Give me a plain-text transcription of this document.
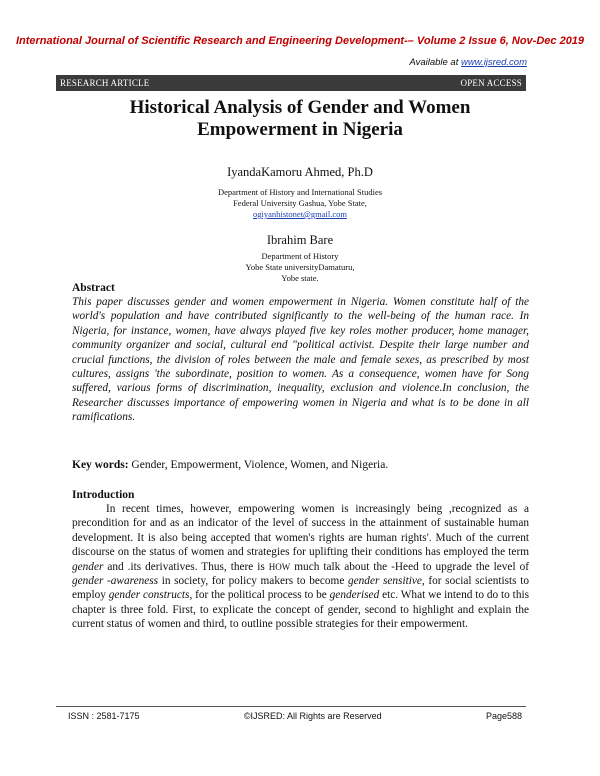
International Journal of Scientific Research and Engineering Development-– Volume 2 Issue 6, Nov-Dec 2019
Available at www.ijsred.com
RESEARCH ARTICLE	OPEN ACCESS
Historical Analysis of Gender and Women
Empowerment in Nigeria
IyandaKamoru Ahmed, Ph.D
Department of History and International Studies
Federal University Gashua, Yobe State,
ogiyanhistonet@gmail.com
Ibrahim Bare
Department of History
Yobe State universityDamaturu,
Yobe state.
Abstract

This paper discusses gender and women empowerment in Nigeria. Women constitute half of the world's population and have contributed significantly to the well-being of the human race. In Nigeria, for instance, women, have always played five key roles mother producer, home manager, community organizer and social, cultural end "political activist. Despite their large number and crucial functions, the division of roles between the male and female sexes, as prescribed by most cultures, assigns 'the subordinate, position to women. As a consequence, women have for Song suffered, various forms of discrimination, inequality, exclusion and violence.In conclusion, the Researcher discusses importance of empowering women in Nigeria and what is to be done in all ramifications.

Key words: Gender, Empowerment, Violence, Women, and Nigeria.
Introduction

In recent times, however, empowering women is increasingly being ,recognized as a precondition for and as an indicator of the level of success in the attainment of sustainable human development. It is also being accepted that women's rights are human rights'. Much of the current discourse on the status of women and strategies for uplifting their conditions has employed the term gender and .its derivatives. Thus, there is HOW much talk about the -Heed to upgrade the level of gender -awareness in society, for policy makers to become gender sensitive, for social scientists to employ gender constructs, for the political process to be genderised etc. What we intend to do to this chapter is three fold. First, to explicate the concept of gender, second to highlight and explain the current status of women and third, to outline possible strategies for their empowerment.

ISSN : 2581-7175	©IJSRED: All Rights are Reserved	Page588
